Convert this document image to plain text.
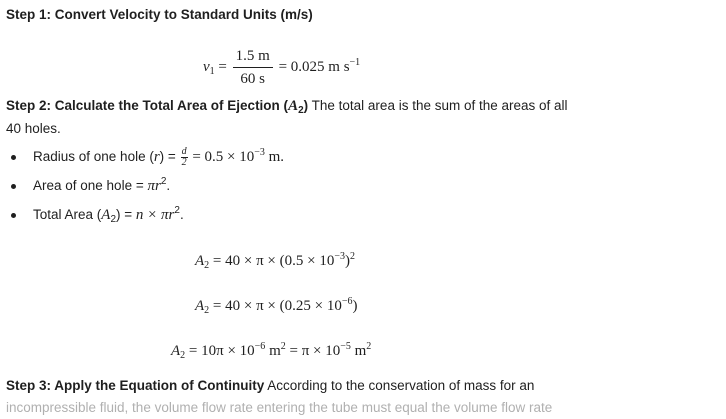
Step 1: Convert Velocity to Standard Units (m/s)
$v_1 = \frac{1.5 m}{60 s} = 0.025$ m $s^{-1}$
Step 2: Calculate the Total Area of Ejection $(A_2)$ The total area is the sum of the areas of all
40 holes.
Radius of one hole $(r) = \frac{d}{2} = 0.5 \times 10^{-3}$ m.
Area of one hole = $\pi r^2$.
Total Area $(A_2) = n \times \pi r^2$.
$A_2 = 40 \times \pi \times (0.5 \times 10^{-3})^2$
$A_2 = 40 \times \pi \times (0.25 \times 10^{-6})$
$A_2 = 10\pi \times 10^{-6}$ $m^2 = \pi \times 10^{-5}$ $m^2$
Step 3: Apply the Equation of Continuity According to the conservation of mass for an
incompressible fluid, the volume flow rate entering the tube must equal the volume flow rate
